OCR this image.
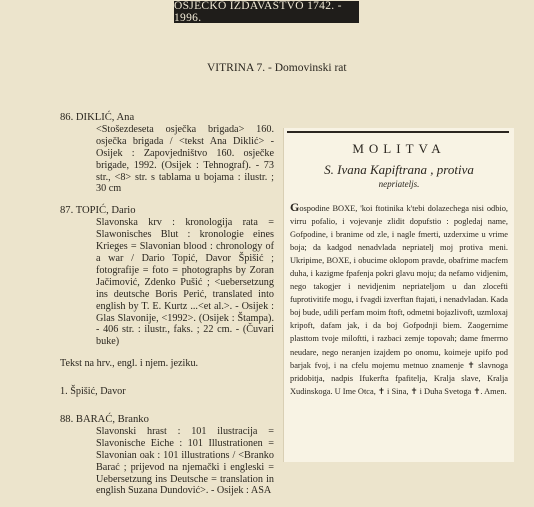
OSJEČKO IZDAVAŠTVO 1742. - 1996.
VITRINA 7. - Domovinski rat
86. DIKLIĆ, Ana
<Stošezdeseta osječka brigada> 160. osječka brigada / <tekst Ana Diklić> - Osijek : Zapovjedništvo 160. osječke brigade, 1992. (Osijek : Tehnograf). - 73 str., <8> str. s tablama u bojama : ilustr. ; 30 cm
87. TOPIĆ, Dario
Slavonska krv : kronologija rata = Slawonisches Blut : kronologie eines Krieges = Slavonian blood : chronology of a war / Dario Topić, Davor Špišić ; fotografije = foto = photographs by Zoran Jačimović, Zdenko Pušić ; <uebersetzung ins deutsche Boris Perić, translated into english by T. E. Kurtz ...<et al.>. - Osijek : Glas Slavonije, <1992>. (Osijek : Štampa). - 406 str. : ilustr., faks. ; 22 cm. - (Čuvari buke)
Tekst na hrv., engl. i njem. jeziku.
1. Špišić, Davor
88. BARAĆ, Branko
Slavonski hrast : 101 ilustracija = Slavonische Eiche : 101 Illustrationen = Slavonian oak : 101 illustrations / <Branko Barać ; prijevod na njemački i engleski = Uebersetzung ins Deutsche = translation in english Suzana Dundović>. - Osijek : ASA
MOLITVA
S. Ivana Kapiftrana , protiva
nepriateljs.
Gospodine BOXE, 'koi ftotinika k'tebi dolazechega nisi odbio, virru pofalio, i vojevanje zlidit dopufstio : pogledaj name, Gofpodine, i branime od zle, i nagle fmerti, uzderxime u vrime boja; da kadgod nenadvlada nepriatelj moj protiva meni. Ukripime, BOXE, i obucime oklopom pravde, obafrime macfem duha, i kazigme fpafenja pokri glavu moju; da nefamo vidjenim, nego takogjer i nevidjenim nepriateljom u dan zlocefti fuprotivitife mogu, i fvagdi izverftan ftajati, i nenadvladan. Kada boj bude, udili perfam moim ftoft, odmetni bojazlivoft, uzmloxaj kripoft, dafam jak, i da boj Gofpodnji biem. Zaogernime plasttom tvoje miloftti, i razbaci zemje topovah; dame fmerrno neudare, nego neranjen izajdem po onomu, koimeje upifo pod barjak fvoj, i na cfelu mojemu metnuo znamenje ✝ slavnoga pridobitja, nadpis Ifukerfta fpafitelja, Kralja slave, Kralja Xudinskoga. U Ime Otca, ✝ i Sina, ✝ i Duha Svetoga ✝. Amen.
